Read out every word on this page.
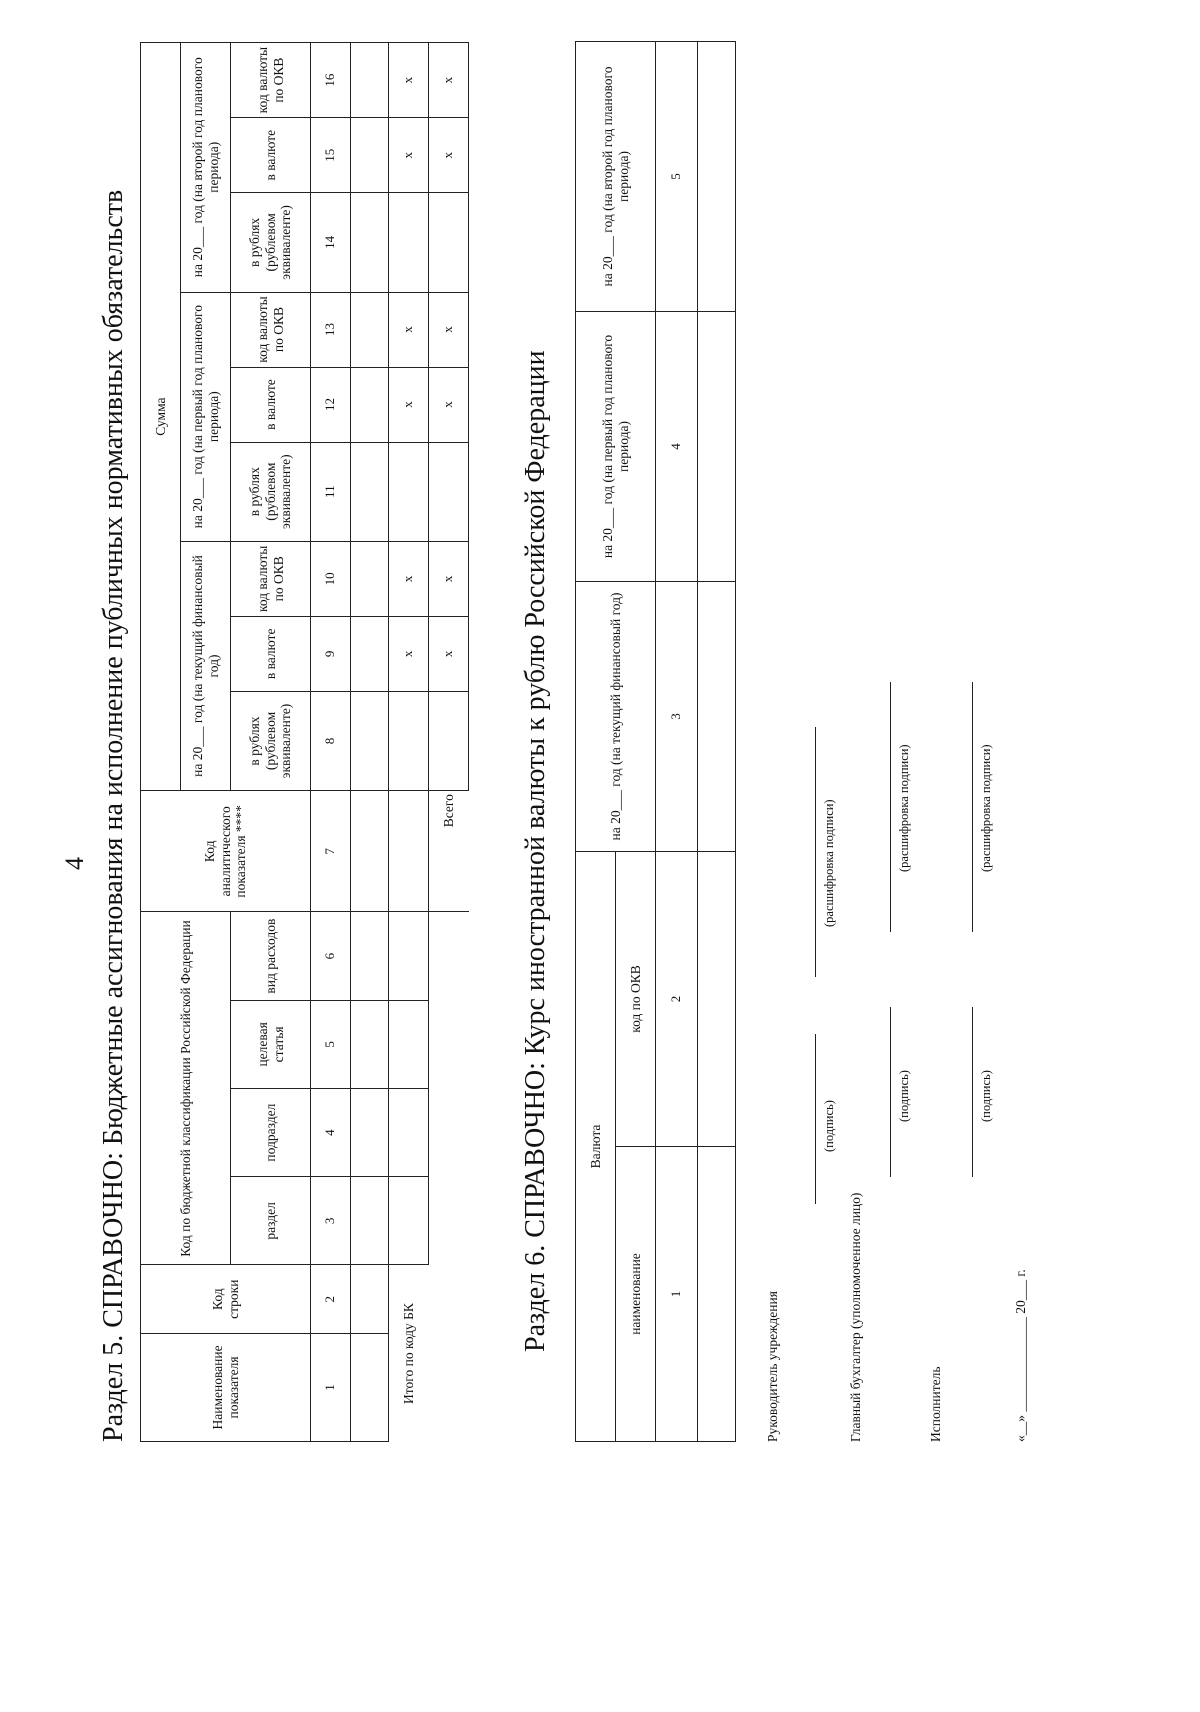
4 Раздел 5. СПРАВОЧНО: Бюджетные ассигнования на исполнение публичных нормативных обязательств	Наименование показателя	Код строки	Код по бюджетной классификации Российской Федерации				Код аналитического показателя ****	Сумма								
							на 20___ год (на текущий финансовый год)			на 20___ год (на первый год планового периода)			на 20___ год (на второй год планового периода)		
		раздел	подраздел	целевая статья	вид расходов		в рублях (рублевом эквиваленте)	в валюте	код валюты по ОКВ	в рублях (рублевом эквиваленте)	в валюте	код валюты по ОКВ	в рублях (рублевом эквиваленте)	в валюте	код валюты по ОКВ
1	2	3	4	5	6	7	8	9	10	11	12	13	14	15	16

Итого по коду БК								x	x		x	x		x	x
						Всего		x	x		x	x		x	x
Раздел 6. СПРАВОЧНО: Курс иностранной валюты к рублю Российской Федерации	Валюта		на 20___ год (на текущий финансовый год)	на 20___ год (на первый год планового периода)	на 20___ год (на второй год планового периода)
наименование	код по ОКВ			
1	2	3	4	5

Руководитель учреждения
(подпись)
(расшифровка подписи)
Главный бухгалтер (уполномоченное лицо)
(подпись)
(расшифровка подписи)
Исполнитель
(подпись)
(расшифровка подписи)
«__» ______________ 20___ г.
